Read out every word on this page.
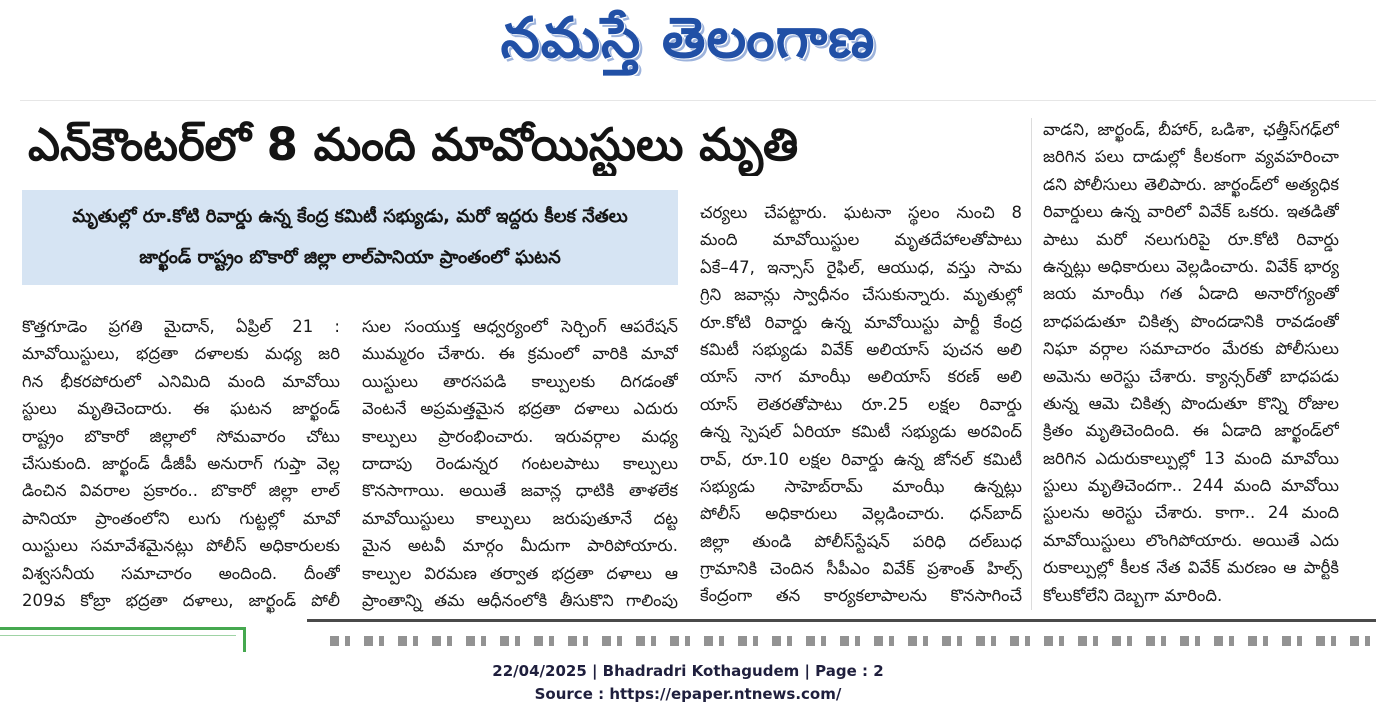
నమస్తే తెలంగాణ
ఎన్‌కౌంటర్‌లో 8 మంది మావోయిస్టులు మృతి
మృతుల్లో రూ.కోటి రివార్డు ఉన్న కేంద్ర కమిటీ సభ్యుడు, మరో ఇద్దరు కీలక నేతలు
జార్ఖండ్ రాష్ట్రం బొకారో జిల్లా లాల్‌పానియా ప్రాంతంలో ఘటన
కొత్తగూడెం ప్రగతి మైదాన్, ఏప్రిల్ 21 :
మావోయిస్టులు, భద్రతా దళాలకు మధ్య జరి
గిన భీకరపోరులో ఎనిమిది మంది మావోయి
స్టులు మృతిచెందారు. ఈ ఘటన జార్ఖండ్
రాష్ట్రం బొకారో జిల్లాలో సోమవారం చోటు
చేసుకుంది. జార్ఖండ్ డీజీపీ అనురాగ్ గుప్తా వెల్ల
డించిన వివరాల ప్రకారం.. బొకారో జిల్లా లాల్
పానియా ప్రాంతంలోని లుగు గుట్టల్లో మావో
యిస్టులు సమావేశమైనట్లు పోలీస్ అధికారులకు
విశ్వసనీయ సమాచారం అందింది. దీంతో
209వ కోబ్రా భద్రతా దళాలు, జార్ఖండ్ పోలీ
సుల సంయుక్త ఆధ్వర్యంలో సెర్చింగ్ ఆపరేషన్
ముమ్మరం చేశారు. ఈ క్రమంలో వారికి మావో
యిస్టులు తారసపడి కాల్పులకు దిగడంతో
వెంటనే అప్రమత్తమైన భద్రతా దళాలు ఎదురు
కాల్పులు ప్రారంభించారు. ఇరువర్గాల మధ్య
దాదాపు రెండున్నర గంటలపాటు కాల్పులు
కొనసాగాయి. అయితే జవాన్ల ధాటికి తాళలేక
మావోయిస్టులు కాల్పులు జరుపుతూనే దట్ట
మైన అటవీ మార్గం మీదుగా పారిపోయారు.
కాల్పుల విరమణ తర్వాత భద్రతా దళాలు ఆ
ప్రాంతాన్ని తమ ఆధీనంలోకి తీసుకొని గాలింపు
చర్యలు చేపట్టారు. ఘటనా స్థలం నుంచి 8
మంది మావోయిస్టుల మృతదేహాలతోపాటు
ఏకే–47, ఇన్సాస్ రైఫిల్, ఆయుధ, వస్తు సామ
గ్రిని జవాన్లు స్వాధీనం చేసుకున్నారు. మృతుల్లో
రూ.కోటి రివార్డు ఉన్న మావోయిస్టు పార్టీ కేంద్ర
కమిటీ సభ్యుడు వివేక్ అలియాస్ పుచన అలి
యాస్ నాగ మాంఝీ అలియాస్ కరణ్ అలి
యాస్ లెతరతోపాటు రూ.25 లక్షల రివార్డు
ఉన్న స్పెషల్ ఏరియా కమిటీ సభ్యుడు అరవింద్
రావ్, రూ.10 లక్షల రివార్డు ఉన్న జోనల్ కమిటీ
సభ్యుడు సాహెబ్‌రామ్ మాంఝీ ఉన్నట్లు
పోలీస్ అధికారులు వెల్లడించారు. ధన్‌బాద్
జిల్లా తుండి పోలీస్‌స్టేషన్ పరిధి దల్‌బుధ
గ్రామానికి చెందిన సీపీఎం వివేక్ ప్రశాంత్ హిల్స్
కేంద్రంగా తన కార్యకలాపాలను కొనసాగించే
వాడని, జార్ఖండ్, బీహార్, ఒడిశా, ఛత్తీస్‌గఢ్‌లో
జరిగిన పలు దాడుల్లో కీలకంగా వ్యవహరించా
డని పోలీసులు తెలిపారు. జార్ఖండ్‌లో అత్యధిక
రివార్డులు ఉన్న వారిలో వివేక్ ఒకరు. ఇతడితో
పాటు మరో నలుగురిపై రూ.కోటి రివార్డు
ఉన్నట్లు అధికారులు వెల్లడించారు. వివేక్ భార్య
జయ మాంఝీ గత ఏడాది అనారోగ్యంతో
బాధపడుతూ చికిత్స పొందడానికి రావడంతో
నిఘా వర్గాల సమాచారం మేరకు పోలీసులు
అమెను అరెస్టు చేశారు. క్యాన్సర్‌తో బాధపడు
తున్న ఆమె చికిత్స పొందుతూ కొన్ని రోజుల
క్రితం మృతిచెందింది. ఈ ఏడాది జార్ఖండ్‌లో
జరిగిన ఎదురుకాల్పుల్లో 13 మంది మావోయి
స్టులు మృతిచెందగా.. 244 మంది మావోయి
స్టులను అరెస్టు చేశారు. కాగా.. 24 మంది
మావోయిస్టులు లొంగిపోయారు. అయితే ఎదు
రుకాల్పుల్లో కీలక నేత వివేక్ మరణం ఆ పార్టీకి
కోలుకోలేని దెబ్బగా మారింది.
22/04/2025 | Bhadradri Kothagudem | Page : 2
Source : https://epaper.ntnews.com/
